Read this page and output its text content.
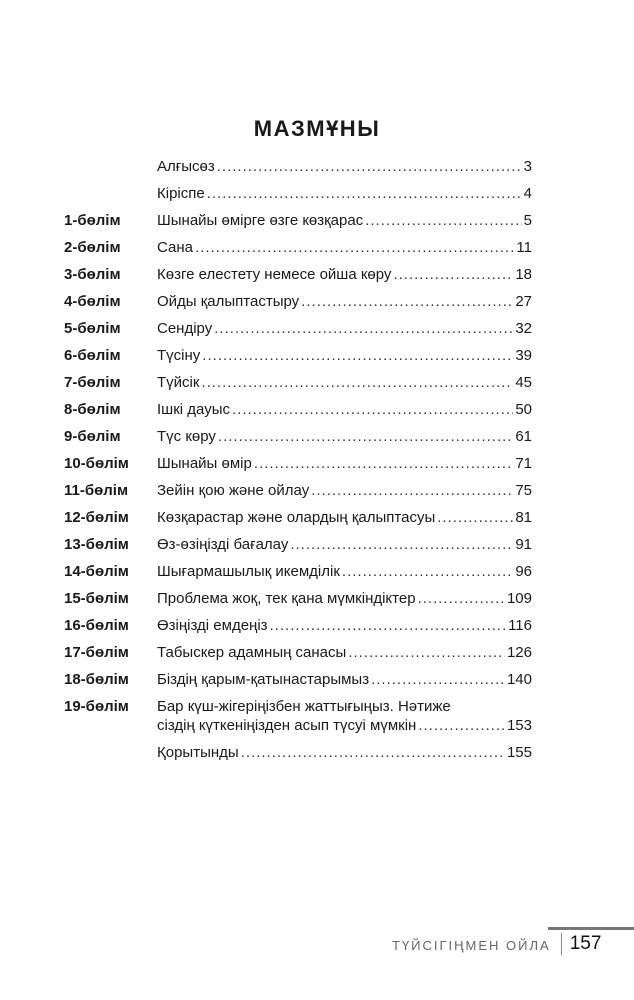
МАЗМҰНЫ
Алғысөз .....	3
Кіріспе .....	4
1-бөлім	Шынайы өмірге өзге көзқарас .....	5
2-бөлім	Сана .....	11
3-бөлім	Көзге елестету немесе ойша көру .....	18
4-бөлім	Ойды қалыптастыру .....	27
5-бөлім	Сендіру .....	32
6-бөлім	Түсіну .....	39
7-бөлім	Түйсік .....	45
8-бөлім	Ішкі дауыс .....	50
9-бөлім	Түс көру .....	61
10-бөлім	Шынайы өмір .....	71
11-бөлім	Зейін қою және ойлау .....	75
12-бөлім	Көзқарастар және олардың қалыптасуы .....	81
13-бөлім	Өз-өзіңізді бағалау .....	91
14-бөлім	Шығармашылық икемділік .....	96
15-бөлім	Проблема жоқ, тек қана мүмкіндіктер .....	109
16-бөлім	Өзіңізді емдеңіз .....	116
17-бөлім	Табыскер адамның санасы .....	126
18-бөлім	Біздің қарым-қатынастарымыз .....	140
19-бөлім	Бар күш-жігеріңізбен жаттығыңыз. Нәтиже
сіздің күткеніңізден асып түсуі мүмкін .....	153
Қорытынды .....	155
ТҮЙСІГІҢМЕН ОЙЛА	157
